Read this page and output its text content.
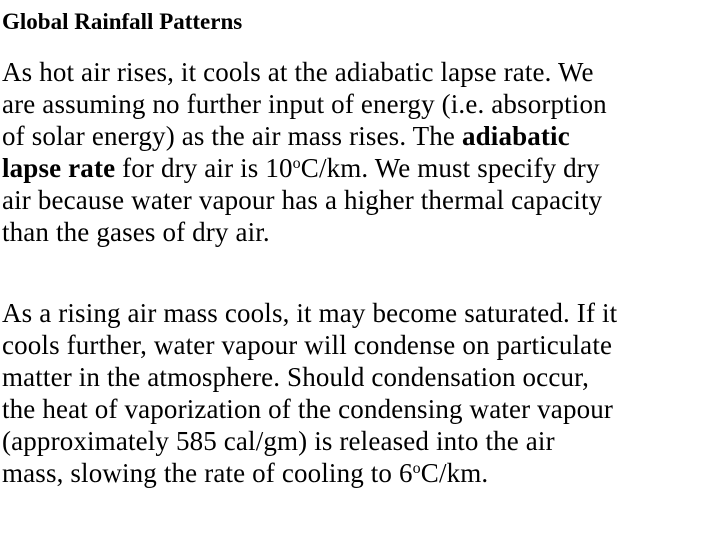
Global Rainfall Patterns
As hot air rises, it cools at the adiabatic lapse rate. We
are assuming no further input of energy (i.e. absorption
of solar energy) as the air mass rises. The adiabatic
lapse rate for dry air is 10$^o$C/km. We must specify dry
air because water vapour has a higher thermal capacity
than the gases of dry air.
As a rising air mass cools, it may become saturated. If it
cools further, water vapour will condense on particulate
matter in the atmosphere. Should condensation occur,
the heat of vaporization of the condensing water vapour
(approximately 585 cal/gm) is released into the air
mass, slowing the rate of cooling to 6$^o$C/km.
